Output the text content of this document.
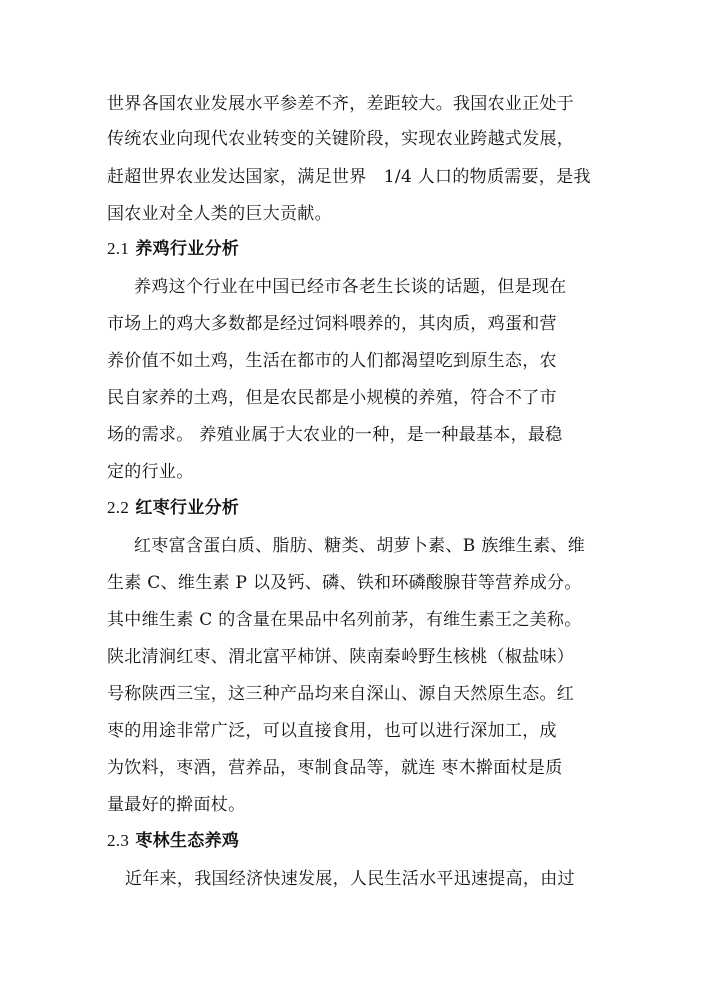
世界各国农业发展水平参差不齐，差距较大。我国农业正处于
传统农业向现代农业转变的关键阶段，实现农业跨越式发展，
赶超世界农业发达国家，满足世界　1/4 人口的物质需要，是我
国农业对全人类的巨大贡献。
2.1 养鸡行业分析
养鸡这个行业在中国已经市各老生长谈的话题，但是现在
市场上的鸡大多数都是经过饲料喂养的，其肉质，鸡蛋和营
养价值不如土鸡，生活在都市的人们都渴望吃到原生态，农
民自家养的土鸡，但是农民都是小规模的养殖，符合不了市
场的需求。 养殖业属于大农业的一种，是一种最基本，最稳
定的行业。
2.2 红枣行业分析
红枣富含蛋白质、脂肪、糖类、胡萝卜素、B 族维生素、维
生素 C、维生素 P 以及钙、磷、铁和环磷酸腺苷等营养成分。
其中维生素 C 的含量在果品中名列前茅，有维生素王之美称。
陕北清涧红枣、渭北富平柿饼、陕南秦岭野生核桃（椒盐味）
号称陕西三宝，这三种产品均来自深山、源自天然原生态。红
枣的用途非常广泛，可以直接食用，也可以进行深加工，成
为饮料，枣酒，营养品，枣制食品等，就连 枣木擀面杖是质
量最好的擀面杖。
2.3 枣林生态养鸡
近年来，我国经济快速发展，人民生活水平迅速提高，由过
